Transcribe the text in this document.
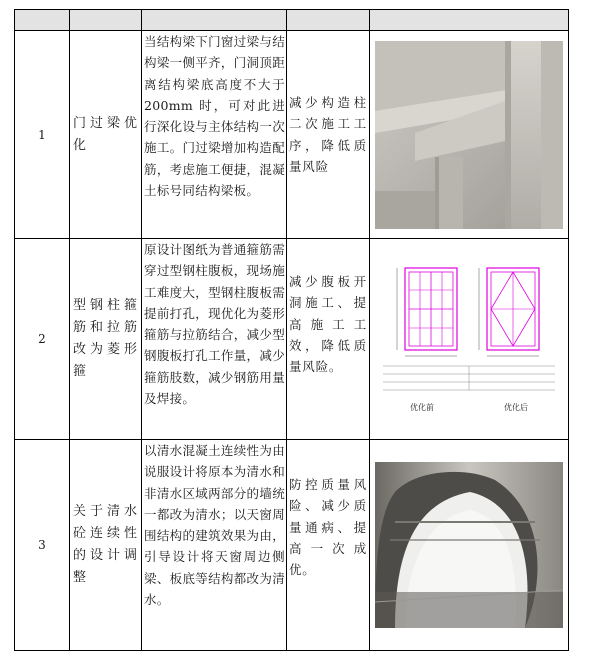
1	门过梁优化	当结构梁下门窗过梁与结构梁一侧平齐，门洞顶距离结构梁底高度不大于 200mm 时，可对此进行深化设与主体结构一次施工。门过梁增加构造配筋，考虑施工便捷，混凝土标号同结构梁板。	减少构造柱二次施工工序，降低质量风险	

2	型钢柱箍筋和拉筋改为菱形箍	原设计图纸为普通箍筋需穿过型钢柱腹板，现场施工难度大，型钢柱腹板需提前打孔，现优化为菱形箍筋与拉筋结合，减少型钢腹板打孔工作量，减少箍筋肢数，减少钢筋用量及焊接。	减少腹板开洞施工、提高施工工效，降低质量风险。	优化前 优化后

3	关于清水砼连续性的设计调整	以清水混凝土连续性为由说服设计将原本为清水和非清水区域两部分的墙统一都改为清水；以天窗周围结构的建筑效果为由，引导设计将天窗周边侧梁、板底等结构都改为清水。	防控质量风险、减少质量通病、提高一次成优。	
